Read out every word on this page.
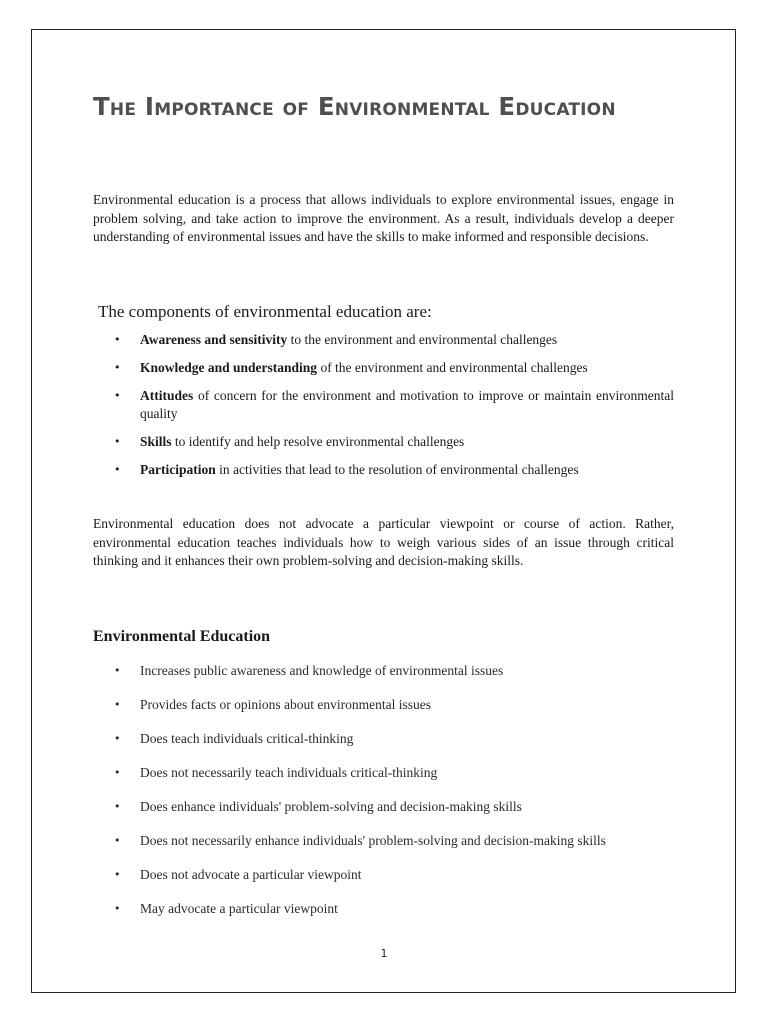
The Importance of Environmental Education

Environmental education is a process that allows individuals to explore environmental issues, engage in problem solving, and take action to improve the environment. As a result, individuals develop a deeper understanding of environmental issues and have the skills to make informed and responsible decisions.

The components of environmental education are:
• Awareness and sensitivity to the environment and environmental challenges
• Knowledge and understanding of the environment and environmental challenges
• Attitudes of concern for the environment and motivation to improve or maintain environmental quality
• Skills to identify and help resolve environmental challenges
• Participation in activities that lead to the resolution of environmental challenges

Environmental education does not advocate a particular viewpoint or course of action. Rather, environmental education teaches individuals how to weigh various sides of an issue through critical thinking and it enhances their own problem-solving and decision-making skills.

Environmental Education
• Increases public awareness and knowledge of environmental issues
• Provides facts or opinions about environmental issues
• Does teach individuals critical-thinking
• Does not necessarily teach individuals critical-thinking
• Does enhance individuals' problem-solving and decision-making skills
• Does not necessarily enhance individuals' problem-solving and decision-making skills
• Does not advocate a particular viewpoint
• May advocate a particular viewpoint
1
